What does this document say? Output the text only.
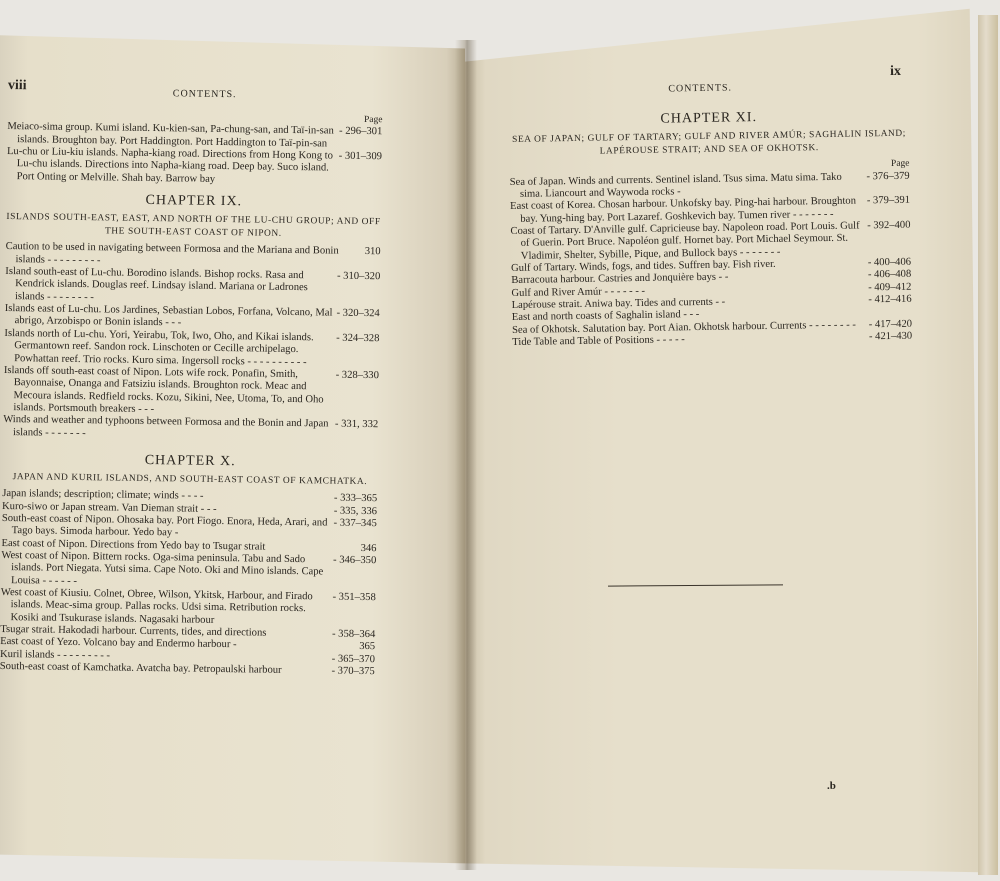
viii
CONTENTS.
Page
Meiaco-sima group. Kumi island. Ku-kien-san, Pa-chung-san, and Taï-in-san islands. Broughton bay. Port Haddington. Port Haddington to Taï-pin-san
- 296–301
Lu-chu or Liu-kiu islands. Napha-kiang road. Directions from Hong Kong to Lu-chu islands. Directions into Napha-kiang road. Deep bay. Suco island. Port Onting or Melville. Shah bay. Barrow bay
- 301–309
CHAPTER IX.
ISLANDS SOUTH-EAST, EAST, AND NORTH OF THE LU-CHU GROUP; AND OFF THE SOUTH-EAST COAST OF NIPON.
Caution to be used in navigating between Formosa and the Mariana and Bonin islands - - - - - - - - -
310
Island south-east of Lu-chu. Borodino islands. Bishop rocks. Rasa and Kendrick islands. Douglas reef. Lindsay island. Mariana or Ladrones islands - - - - - - - -
- 310–320
Islands east of Lu-chu. Los Jardines, Sebastian Lobos, Forfana, Volcano, Mal abrigo, Arzobispo or Bonin islands - - -
- 320–324
Islands north of Lu-chu. Yori, Yeirabu, Tok, Iwo, Oho, and Kikai islands. Germantown reef. Sandon rock. Linschoten or Cecille archipelago. Powhattan reef. Trio rocks. Kuro sima. Ingersoll rocks - - - - - - - - - -
- 324–328
Islands off south-east coast of Nipon. Lots wife rock. Ponafin, Smith, Bayonnaise, Onanga and Fatsiziu islands. Broughton rock. Meac and Mecoura islands. Redfield rocks. Kozu, Sikini, Nee, Utoma, To, and Oho islands. Portsmouth breakers - - -
- 328–330
Winds and weather and typhoons between Formosa and the Bonin and Japan islands - - - - - - -
- 331, 332
CHAPTER X.
JAPAN AND KURIL ISLANDS, AND SOUTH-EAST COAST OF KAMCHATKA.
Japan islands; description; climate; winds - - - -	- 333–365
Kuro-siwo or Japan stream. Van Dieman strait - - -	- 335, 336
South-east coast of Nipon. Ohosaka bay. Port Fiogo. Enora, Heda, Arari, and Tago bays. Simoda harbour. Yedo bay -
- 337–345
East coast of Nipon. Directions from Yedo bay to Tsugar strait	346
West coast of Nipon. Bittern rocks. Oga-sima peninsula. Tabu and Sado islands. Port Niegata. Yutsi sima. Cape Noto. Oki and Mino islands. Cape Louisa - - - - - -
- 346–350
West coast of Kiusiu. Colnet, Obree, Wilson, Ykitsk, Harbour, and Firado islands. Meac-sima group. Pallas rocks. Udsi sima. Retribution rocks. Kosiki and Tsukurase islands. Nagasaki harbour
- 351–358
Tsugar strait. Hakodadi harbour. Currents, tides, and directions	- 358–364
East coast of Yezo. Volcano bay and Endermo harbour -	365
Kuril islands - - - - - - - - -	- 365–370
South-east coast of Kamchatka. Avatcha bay. Petropaulski harbour	- 370–375
CONTENTS.
ix
CHAPTER XI.
SEA OF JAPAN; GULF OF TARTARY; GULF AND RIVER AMÚR; SAGHALIN ISLAND; LAPÉROUSE STRAIT; AND SEA OF OKHOTSK.
Page
Sea of Japan. Winds and currents. Sentinel island. Tsus sima. Matu sima. Tako sima. Liancourt and Waywoda rocks -
- 376–379
East coast of Korea. Chosan harbour. Unkofsky bay. Ping-hai harbour. Broughton bay. Yung-hing bay. Port Lazaref. Goshkevich bay. Tumen river - - - - - - -
- 379–391
Coast of Tartary. D'Anville gulf. Capricieuse bay. Napoleon road. Port Louis. Gulf of Guerin. Port Bruce. Napoléon gulf. Hornet bay. Port Michael Seymour. St. Vladimir, Shelter, Sybille, Pique, and Bullock bays - - - - - - -
- 392–400
Gulf of Tartary. Winds, fogs, and tides. Suffren bay. Fish river.	- 400–406
Barracouta harbour. Castries and Jonquière bays - -	- 406–408
Gulf and River Amúr - - - - - - -	- 409–412
Lapérouse strait. Aniwa bay. Tides and currents - -	- 412–416
East and north coasts of Saghalin island - - -
Sea of Okhotsk. Salutation bay. Port Aian. Okhotsk harbour. Currents - - - - - - - -	- 417–420
Tide Table and Table of Positions - - - - -	- 421–430
.b
